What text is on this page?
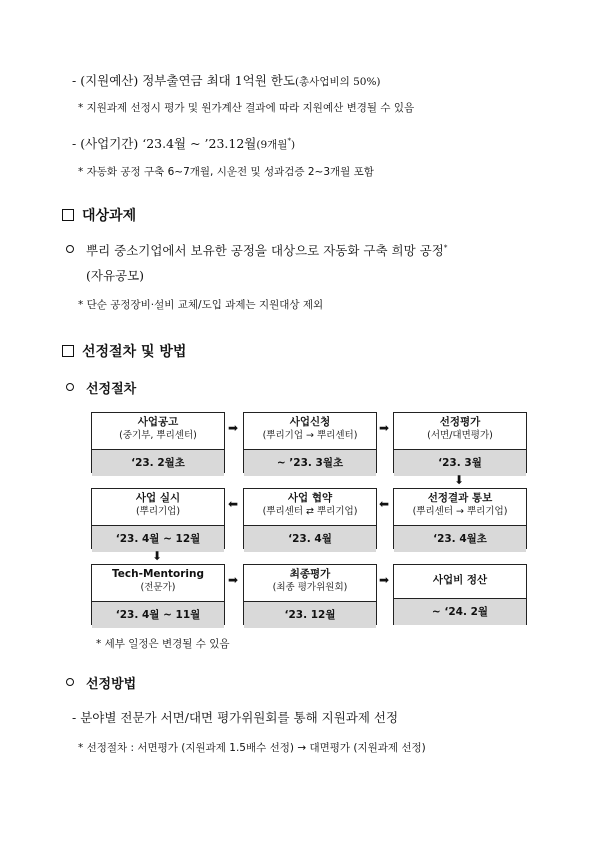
- (지원예산) 정부출연금 최대 1억원 한도(총사업비의 50%)
* 지원과제 선정시 평가 및 원가계산 결과에 따라 지원예산 변경될 수 있음
- (사업기간) ‘23.4월 ~ ’23.12월(9개월*)
* 자동화 공정 구축 6~7개월, 시운전 및 성과검증 2~3개월 포함
대상과제
뿌리 중소기업에서 보유한 공정을 대상으로 자동화 구축 희망 공정*
(자유공모)
* 단순 공정장비·설비 교체/도입 과제는 지원대상 제외
선정절차 및 방법
선정절차
사업공고
(중기부, 뿌리센터)
‘23. 2월초
사업신청
(뿌리기업 → 뿌리센터)
~ ’23. 3월초
선정평가
(서면/대면평가)
‘23. 3월
선정결과 통보
(뿌리센터 → 뿌리기업)
‘23. 4월초
사업 협약
(뿌리센터 ⇄ 뿌리기업)
‘23. 4월
사업 실시
(뿌리기업)
‘23. 4월 ~ 12월
Tech-Mentoring
(전문가)
‘23. 4월 ~ 11월
최종평가
(최종 평가위원회)
‘23. 12월
사업비 정산
~ ‘24. 2월
➡	➡
⬇
⬅
⬅
⬇
➡	➡
* 세부 일정은 변경될 수 있음
선정방법
- 분야별 전문가 서면/대면 평가위원회를 통해 지원과제 선정
* 선정절차 : 서면평가 (지원과제 1.5배수 선정) → 대면평가 (지원과제 선정)
